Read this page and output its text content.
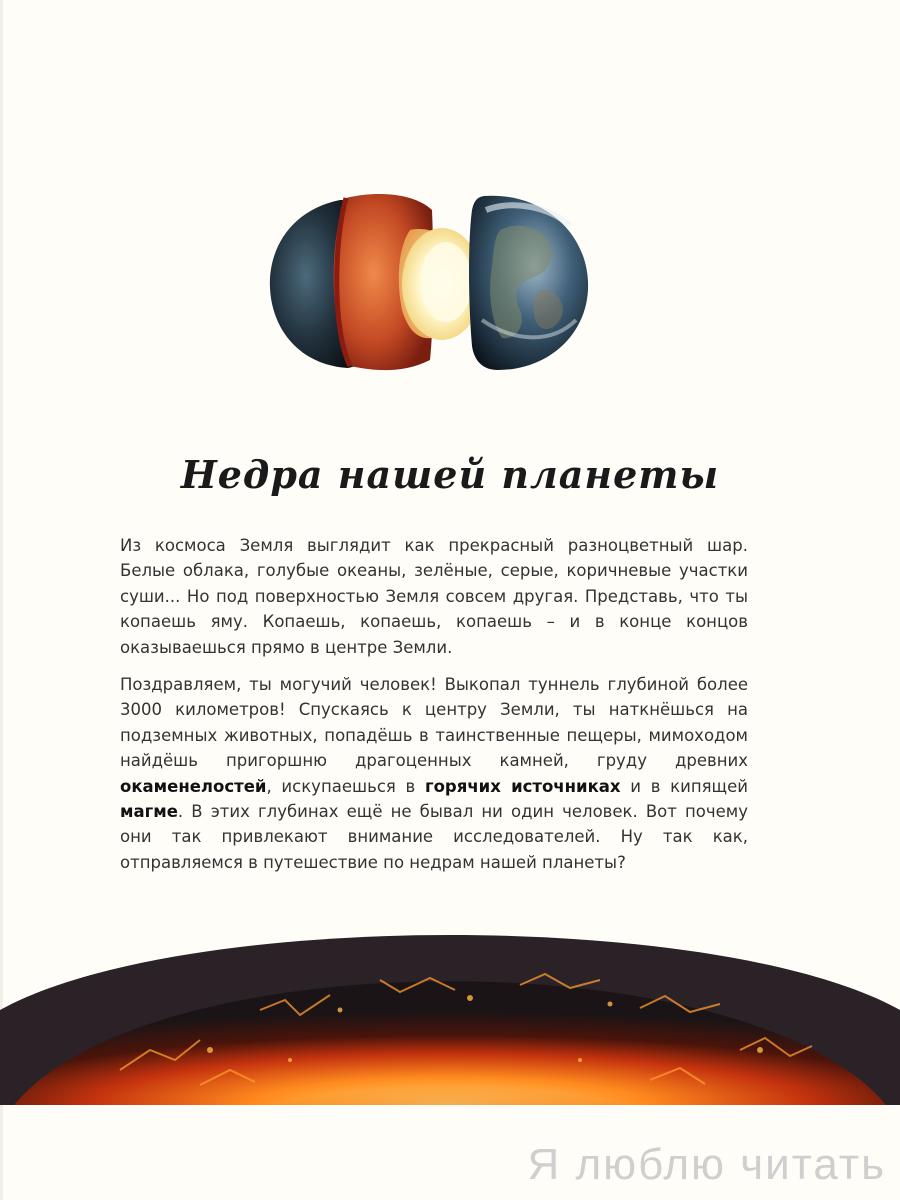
Недра нашей планеты

Из космоса Земля выглядит как прекрасный разноцветный шар. Белые облака, голубые океаны, зелёные, серые, коричневые участки суши... Но под поверхностью Земля совсем другая. Представь, что ты копаешь яму. Копаешь, копаешь, копаешь – и в конце концов оказываешься прямо в центре Земли.

Поздравляем, ты могучий человек! Выкопал туннель глубиной более 3000 километров! Спускаясь к центру Земли, ты наткнёшься на подземных животных, попадёшь в таинственные пещеры, мимоходом найдёшь пригоршню драгоценных камней, груду древних окаменелостей, искупаешься в горячих источниках и в кипящей магме. В этих глубинах ещё не бывал ни один человек. Вот почему они так привлекают внимание исследователей. Ну так как, отправляемся в путешествие по недрам нашей планеты?

Я люблю читать
